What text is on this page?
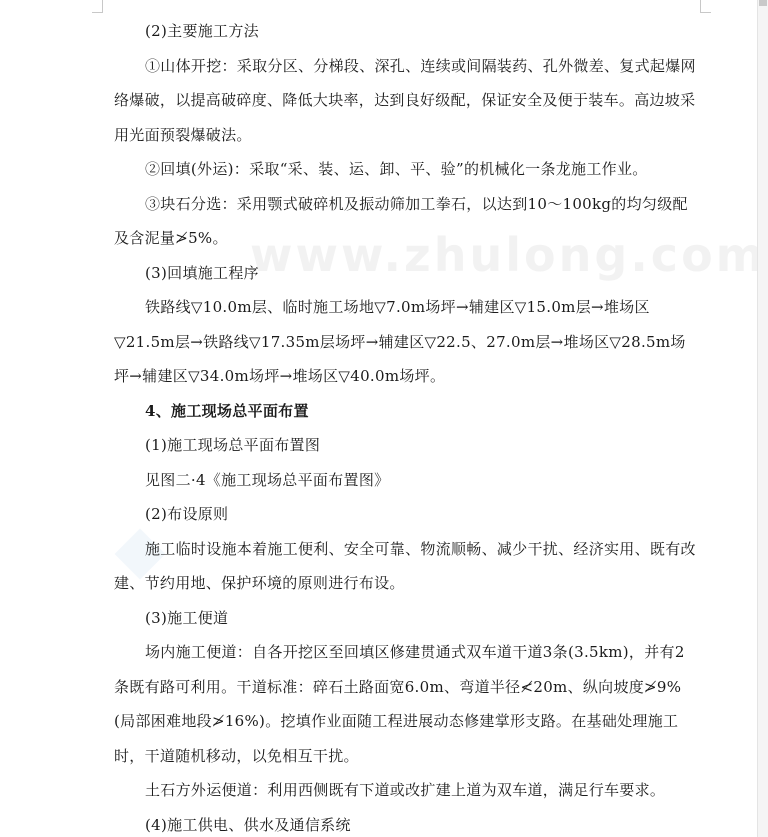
www.zhulong.com

(2)主要施工方法

①山体开挖：采取分区、分梯段、深孔、连续或间隔装药、孔外微差、复式起爆网络爆破，以提高破碎度、降低大块率，达到良好级配，保证安全及便于装车。高边坡采用光面预裂爆破法。

②回填(外运)：采取“采、装、运、卸、平、验”的机械化一条龙施工作业。

③块石分选：采用颚式破碎机及振动筛加工拳石，以达到10～100kg的均匀级配及含泥量≯5%。

(3)回填施工程序

铁路线▽10.0m层、临时施工场地▽7.0m场坪→辅建区▽15.0m层→堆场区▽21.5m层→铁路线▽17.35m层场坪→辅建区▽22.5、27.0m层→堆场区▽28.5m场坪→辅建区▽34.0m场坪→堆场区▽40.0m场坪。

4、施工现场总平面布置

(1)施工现场总平面布置图

见图二·4《施工现场总平面布置图》

(2)布设原则

施工临时设施本着施工便利、安全可靠、物流顺畅、减少干扰、经济实用、既有改建、节约用地、保护环境的原则进行布设。

(3)施工便道

场内施工便道：自各开挖区至回填区修建贯通式双车道干道3条(3.5km)，并有2条既有路可利用。干道标准：碎石土路面宽6.0m、弯道半径≮20m、纵向坡度≯9%(局部困难地段≯16%)。挖填作业面随工程进展动态修建掌形支路。在基础处理施工时，干道随机移动，以免相互干扰。

土石方外运便道：利用西侧既有下道或改扩建上道为双车道，满足行车要求。

(4)施工供电、供水及通信系统
